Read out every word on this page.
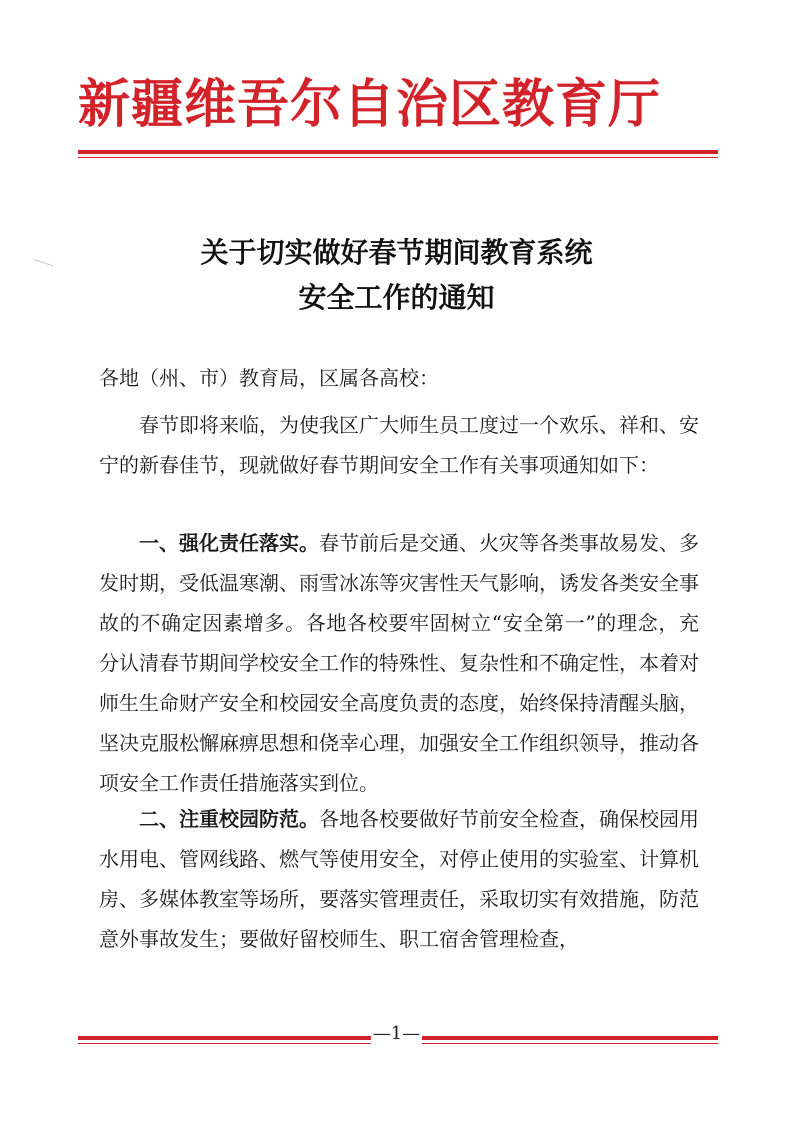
新疆维吾尔自治区教育厅
关于切实做好春节期间教育系统
安全工作的通知
各地（州、市）教育局，区属各高校：
春节即将来临，为使我区广大师生员工度过一个欢乐、祥和、安宁的新春佳节，现就做好春节期间安全工作有关事项通知如下：
一、强化责任落实。春节前后是交通、火灾等各类事故易发、多发时期，受低温寒潮、雨雪冰冻等灾害性天气影响，诱发各类安全事故的不确定因素增多。各地各校要牢固树立“安全第一”的理念，充分认清春节期间学校安全工作的特殊性、复杂性和不确定性，本着对师生生命财产安全和校园安全高度负责的态度，始终保持清醒头脑，坚决克服松懈麻痹思想和侥幸心理，加强安全工作组织领导，推动各项安全工作责任措施落实到位。
二、注重校园防范。各地各校要做好节前安全检查，确保校园用水用电、管网线路、燃气等使用安全，对停止使用的实验室、计算机房、多媒体教室等场所，要落实管理责任，采取切实有效措施，防范意外事故发生；要做好留校师生、职工宿舍管理检查，
—1—
